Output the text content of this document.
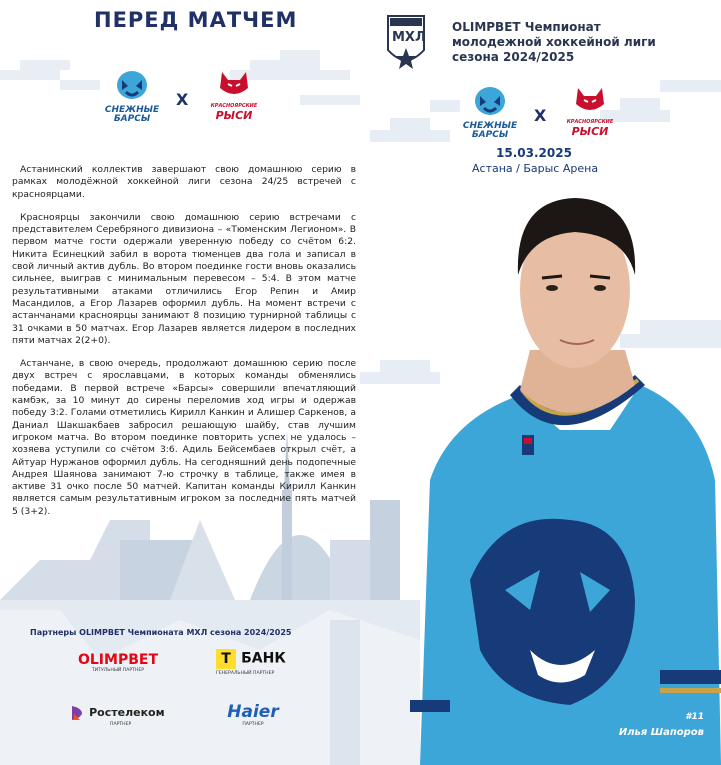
ПЕРЕД МАТЧЕМ
МХЛ
OLIMPBET Чемпионат
молодежной хоккейной лиги
сезона 2024/2025
СНЕЖНЫЕ
БАРСЫ
X	КРАСНОЯРСКИЕ
РЫСИ
СНЕЖНЫЕ
БАРСЫ
X	КРАСНОЯРСКИЕ
РЫСИ
15.03.2025
Астана / Барыс Арена

Астанинский коллектив завершают свою домашнюю серию в рамках молодёжной хоккейной лиги сезона 24/25 встречей с красноярцами.

Красноярцы закончили свою домашнюю серию встречами с представителем Серебряного дивизиона – «Тюменским Легионом». В первом матче гости одержали уверенную победу со счётом 6:2. Никита Есинецкий забил в ворота тюменцев два гола и записал в свой личный актив дубль. Во втором поединке гости вновь оказались сильнее, выиграв с минимальным перевесом – 5:4. В этом матче результативными атаками отличились Егор Репин и Амир Масандилов, а Егор Лазарев оформил дубль. На момент встречи с астанчанами красноярцы занимают 8 позицию турнирной таблицы с 31 очками в 50 матчах. Егор Лазарев является лидером в последних пяти матчах 2(2+0).

Астанчане, в свою очередь, продолжают домашнюю серию после двух встреч с ярославцами, в которых команды обменялись победами. В первой встрече «Барсы» совершили впечатляющий камбэк, за 10 минут до сирены переломив ход игры и одержав победу 3:2. Голами отметились Кирилл Канкин и Алишер Саркенов, а Даниал Шакшакбаев забросил решающую шайбу, став лучшим игроком матча. Во втором поединке повторить успех не удалось – хозяева уступили со счётом 3:6. Адиль Бейсембаев открыл счёт, а Айтуар Нуржанов оформил дубль. На сегодняшний день подопечные Андрея Шаянова занимают 7-ю строчку в таблице, также имея в активе 31 очко после 50 матчей. Капитан команды Кирилл Канкин является самым результативным игроком за последние пять матчей 5 (3+2).

#11
Илья Шапоров
Партнеры OLIMPBET Чемпионата МХЛ сезона 2024/2025
OLIMPBET
ТИТУЛЬНЫЙ ПАРТНЕР
Т БАНК
ГЕНЕРАЛЬНЫЙ ПАРТНЕР
Ростелеком
ПАРТНЕР
Haier
ПАРТНЕР
